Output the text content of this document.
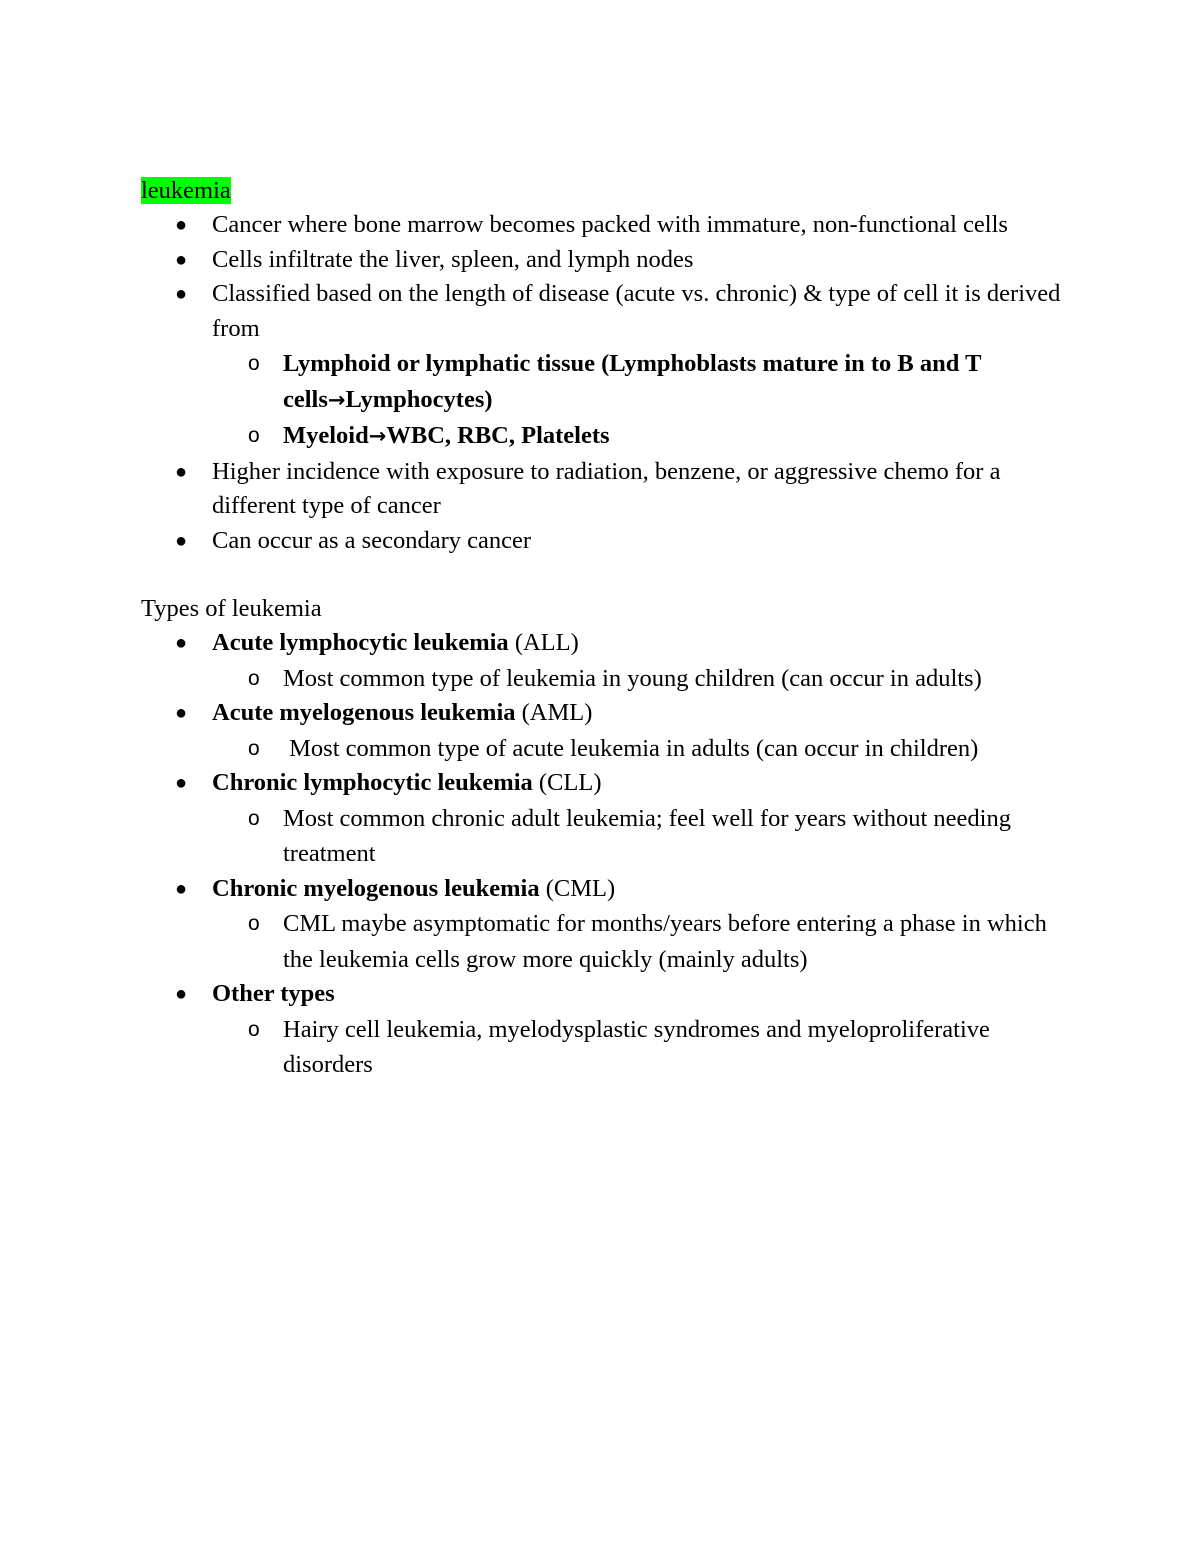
leukemia
● Cancer where bone marrow becomes packed with immature, non-functional cells
● Cells infiltrate the liver, spleen, and lymph nodes
● Classified based on the length of disease (acute vs. chronic) & type of cell it is derived from
o Lymphoid or lymphatic tissue (Lymphoblasts mature in to B and T cells→Lymphocytes)
o Myeloid→WBC, RBC, Platelets
● Higher incidence with exposure to radiation, benzene, or aggressive chemo for a different type of cancer
● Can occur as a secondary cancer
Types of leukemia
● Acute lymphocytic leukemia (ALL)
o Most common type of leukemia in young children (can occur in adults)
● Acute myelogenous leukemia (AML)
o Most common type of acute leukemia in adults (can occur in children)
● Chronic lymphocytic leukemia (CLL)
o Most common chronic adult leukemia; feel well for years without needing treatment
● Chronic myelogenous leukemia (CML)
o CML maybe asymptomatic for months/years before entering a phase in which the leukemia cells grow more quickly (mainly adults)
● Other types
o Hairy cell leukemia, myelodysplastic syndromes and myeloproliferative disorders
